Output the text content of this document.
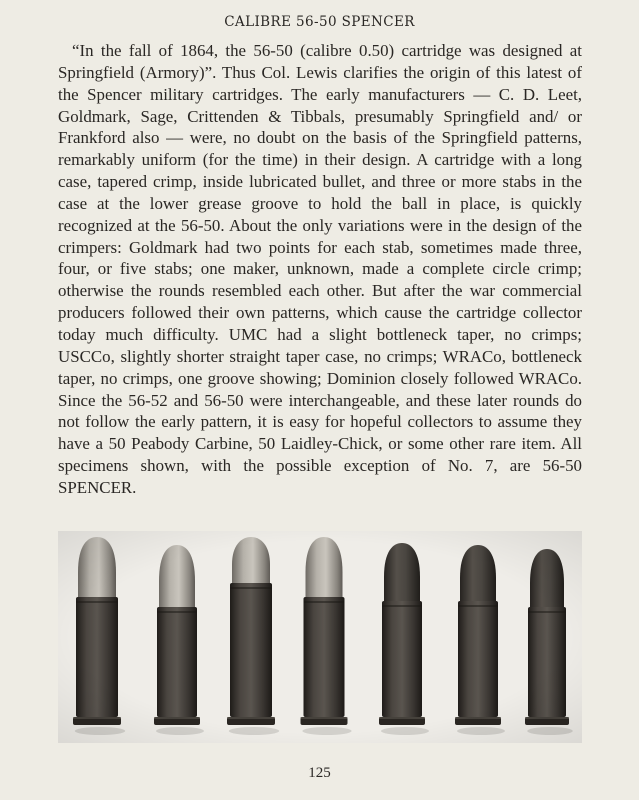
CALIBRE 56-50 SPENCER

“In the fall of 1864, the 56-50 (calibre 0.50) cartridge was designed at Springfield (Armory)”. Thus Col. Lewis clarifies the origin of this latest of the Spencer military cartridges. The early manufacturers — C. D. Leet, Goldmark, Sage, Crittenden & Tibbals, presumably Springfield and/ or Frankford also — were, no doubt on the basis of the Springfield patterns, remarkably uniform (for the time) in their design. A cartridge with a long case, tapered crimp, inside lubricated bullet, and three or more stabs in the case at the lower grease groove to hold the ball in place, is quickly recognized at the 56-50. About the only variations were in the design of the crimpers: Goldmark had two points for each stab, sometimes made three, four, or five stabs; one maker, unknown, made a complete circle crimp; otherwise the rounds resembled each other. But after the war commercial producers followed their own patterns, which cause the cartridge collector today much difficulty. UMC had a slight bottleneck taper, no crimps; USCCo, slightly shorter straight taper case, no crimps; WRACo, bottleneck taper, no crimps, one groove showing; Dominion closely followed WRACo. Since the 56-52 and 56-50 were interchangeable, and these later rounds do not follow the early pattern, it is easy for hopeful collectors to assume they have a 50 Peabody Carbine, 50 Laidley-Chick, or some other rare item. All specimens shown, with the possible exception of No. 7, are 56-50 SPENCER.

125
